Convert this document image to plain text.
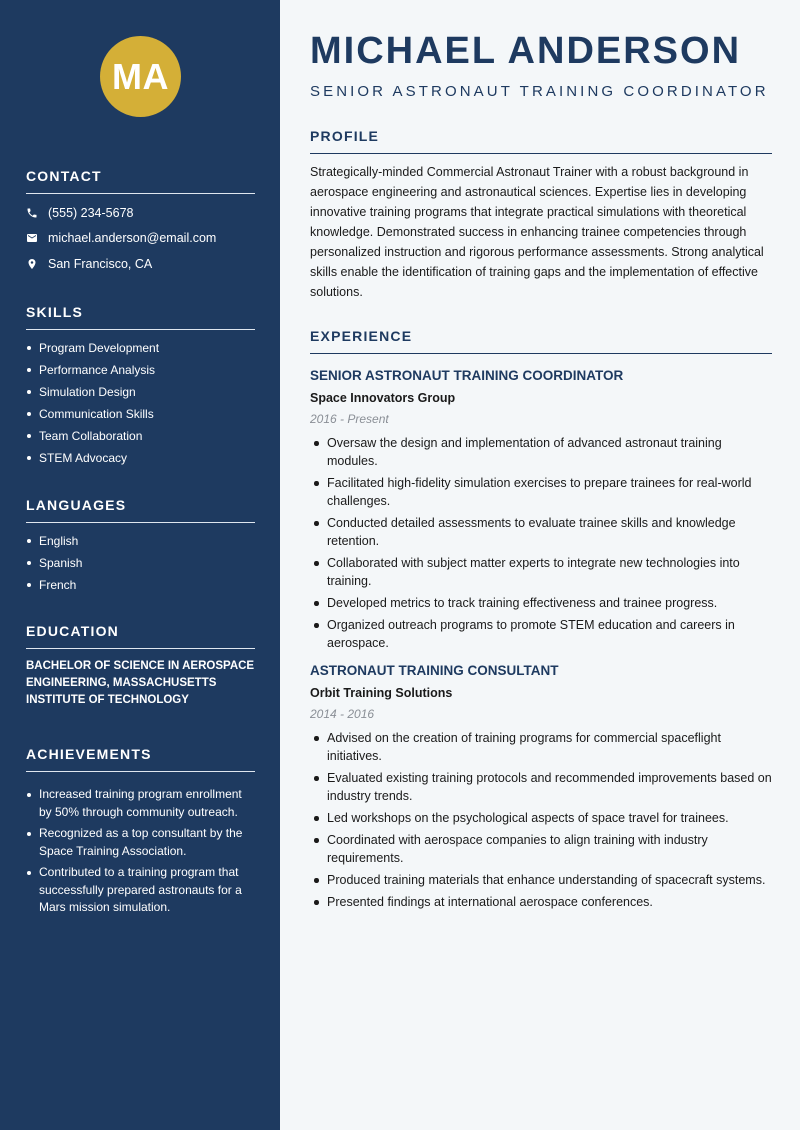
MA
CONTACT
(555) 234-5678
michael.anderson@email.com
San Francisco, CA
SKILLS
Program Development
Performance Analysis
Simulation Design
Communication Skills
Team Collaboration
STEM Advocacy
LANGUAGES
English
Spanish
French
EDUCATION
BACHELOR OF SCIENCE IN AEROSPACE ENGINEERING, MASSACHUSETTS INSTITUTE OF TECHNOLOGY
ACHIEVEMENTS
Increased training program enrollment by 50% through community outreach.
Recognized as a top consultant by the Space Training Association.
Contributed to a training program that successfully prepared astronauts for a Mars mission simulation.
MICHAEL ANDERSON
SENIOR ASTRONAUT TRAINING COORDINATOR
PROFILE

Strategically-minded Commercial Astronaut Trainer with a robust background in aerospace engineering and astronautical sciences. Expertise lies in developing innovative training programs that integrate practical simulations with theoretical knowledge. Demonstrated success in enhancing trainee competencies through personalized instruction and rigorous performance assessments. Strong analytical skills enable the identification of training gaps and the implementation of effective solutions.

EXPERIENCE
SENIOR ASTRONAUT TRAINING COORDINATOR
Space Innovators Group
2016 - Present
Oversaw the design and implementation of advanced astronaut training modules.
Facilitated high-fidelity simulation exercises to prepare trainees for real-world challenges.
Conducted detailed assessments to evaluate trainee skills and knowledge retention.
Collaborated with subject matter experts to integrate new technologies into training.
Developed metrics to track training effectiveness and trainee progress.
Organized outreach programs to promote STEM education and careers in aerospace.
ASTRONAUT TRAINING CONSULTANT
Orbit Training Solutions
2014 - 2016
Advised on the creation of training programs for commercial spaceflight initiatives.
Evaluated existing training protocols and recommended improvements based on industry trends.
Led workshops on the psychological aspects of space travel for trainees.
Coordinated with aerospace companies to align training with industry requirements.
Produced training materials that enhance understanding of spacecraft systems.
Presented findings at international aerospace conferences.
